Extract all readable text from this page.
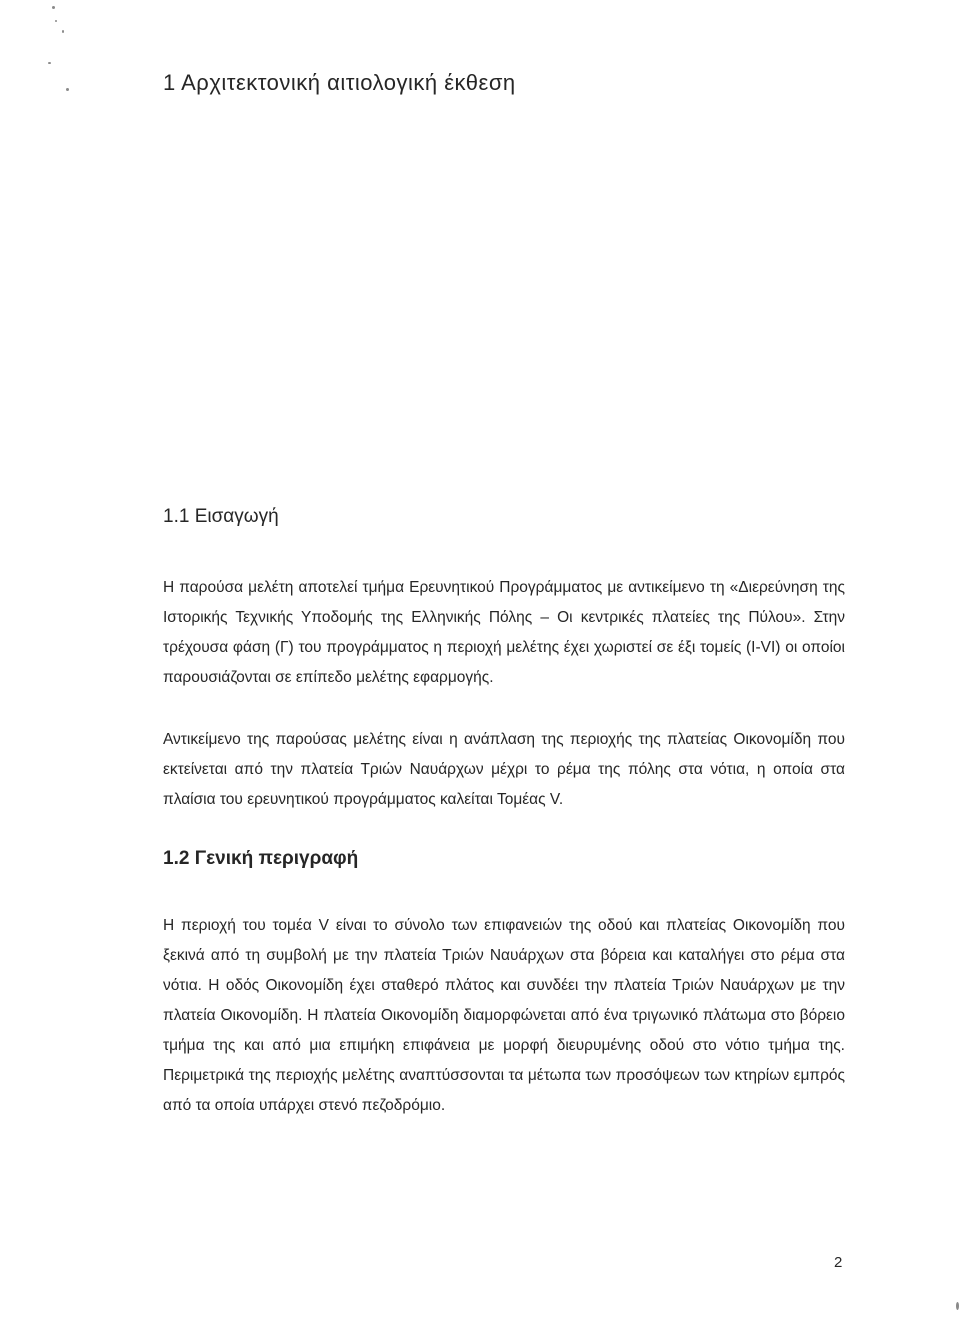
1 Αρχιτεκτονική αιτιολογική έκθεση
1.1 Εισαγωγή

Η παρούσα μελέτη αποτελεί τμήμα Ερευνητικού Προγράμματος με αντικείμενο τη «Διερεύνηση της Ιστορικής Τεχνικής Υποδομής της Ελληνικής Πόλης – Οι κεντρικές πλατείες της Πύλου». Στην τρέχουσα φάση (Γ) του προγράμματος η περιοχή μελέτης έχει χωριστεί σε έξι τομείς (I-VI) οι οποίοι παρουσιάζονται σε επίπεδο μελέτης εφαρμογής.

Αντικείμενο της παρούσας μελέτης είναι η ανάπλαση της περιοχής της πλατείας Οικονομίδη που εκτείνεται από την πλατεία Τριών Ναυάρχων μέχρι το ρέμα της πόλης στα νότια, η οποία στα πλαίσια του ερευνητικού προγράμματος καλείται Τομέας V.

1.2 Γενική περιγραφή

Η περιοχή του τομέα V είναι το σύνολο των επιφανειών της οδού και πλατείας Οικονομίδη που ξεκινά από τη συμβολή με την πλατεία Τριών Ναυάρχων στα βόρεια και καταλήγει στο ρέμα στα νότια. Η οδός Οικονομίδη έχει σταθερό πλάτος και συνδέει την πλατεία Τριών Ναυάρχων με την πλατεία Οικονομίδη. Η πλατεία Οικονομίδη διαμορφώνεται από ένα τριγωνικό πλάτωμα στο βόρειο τμήμα της και από μια επιμήκη επιφάνεια με μορφή διευρυμένης οδού στο νότιο τμήμα της. Περιμετρικά της περιοχής μελέτης αναπτύσσονται τα μέτωπα των προσόψεων των κτηρίων εμπρός από τα οποία υπάρχει στενό πεζοδρόμιο.

2
